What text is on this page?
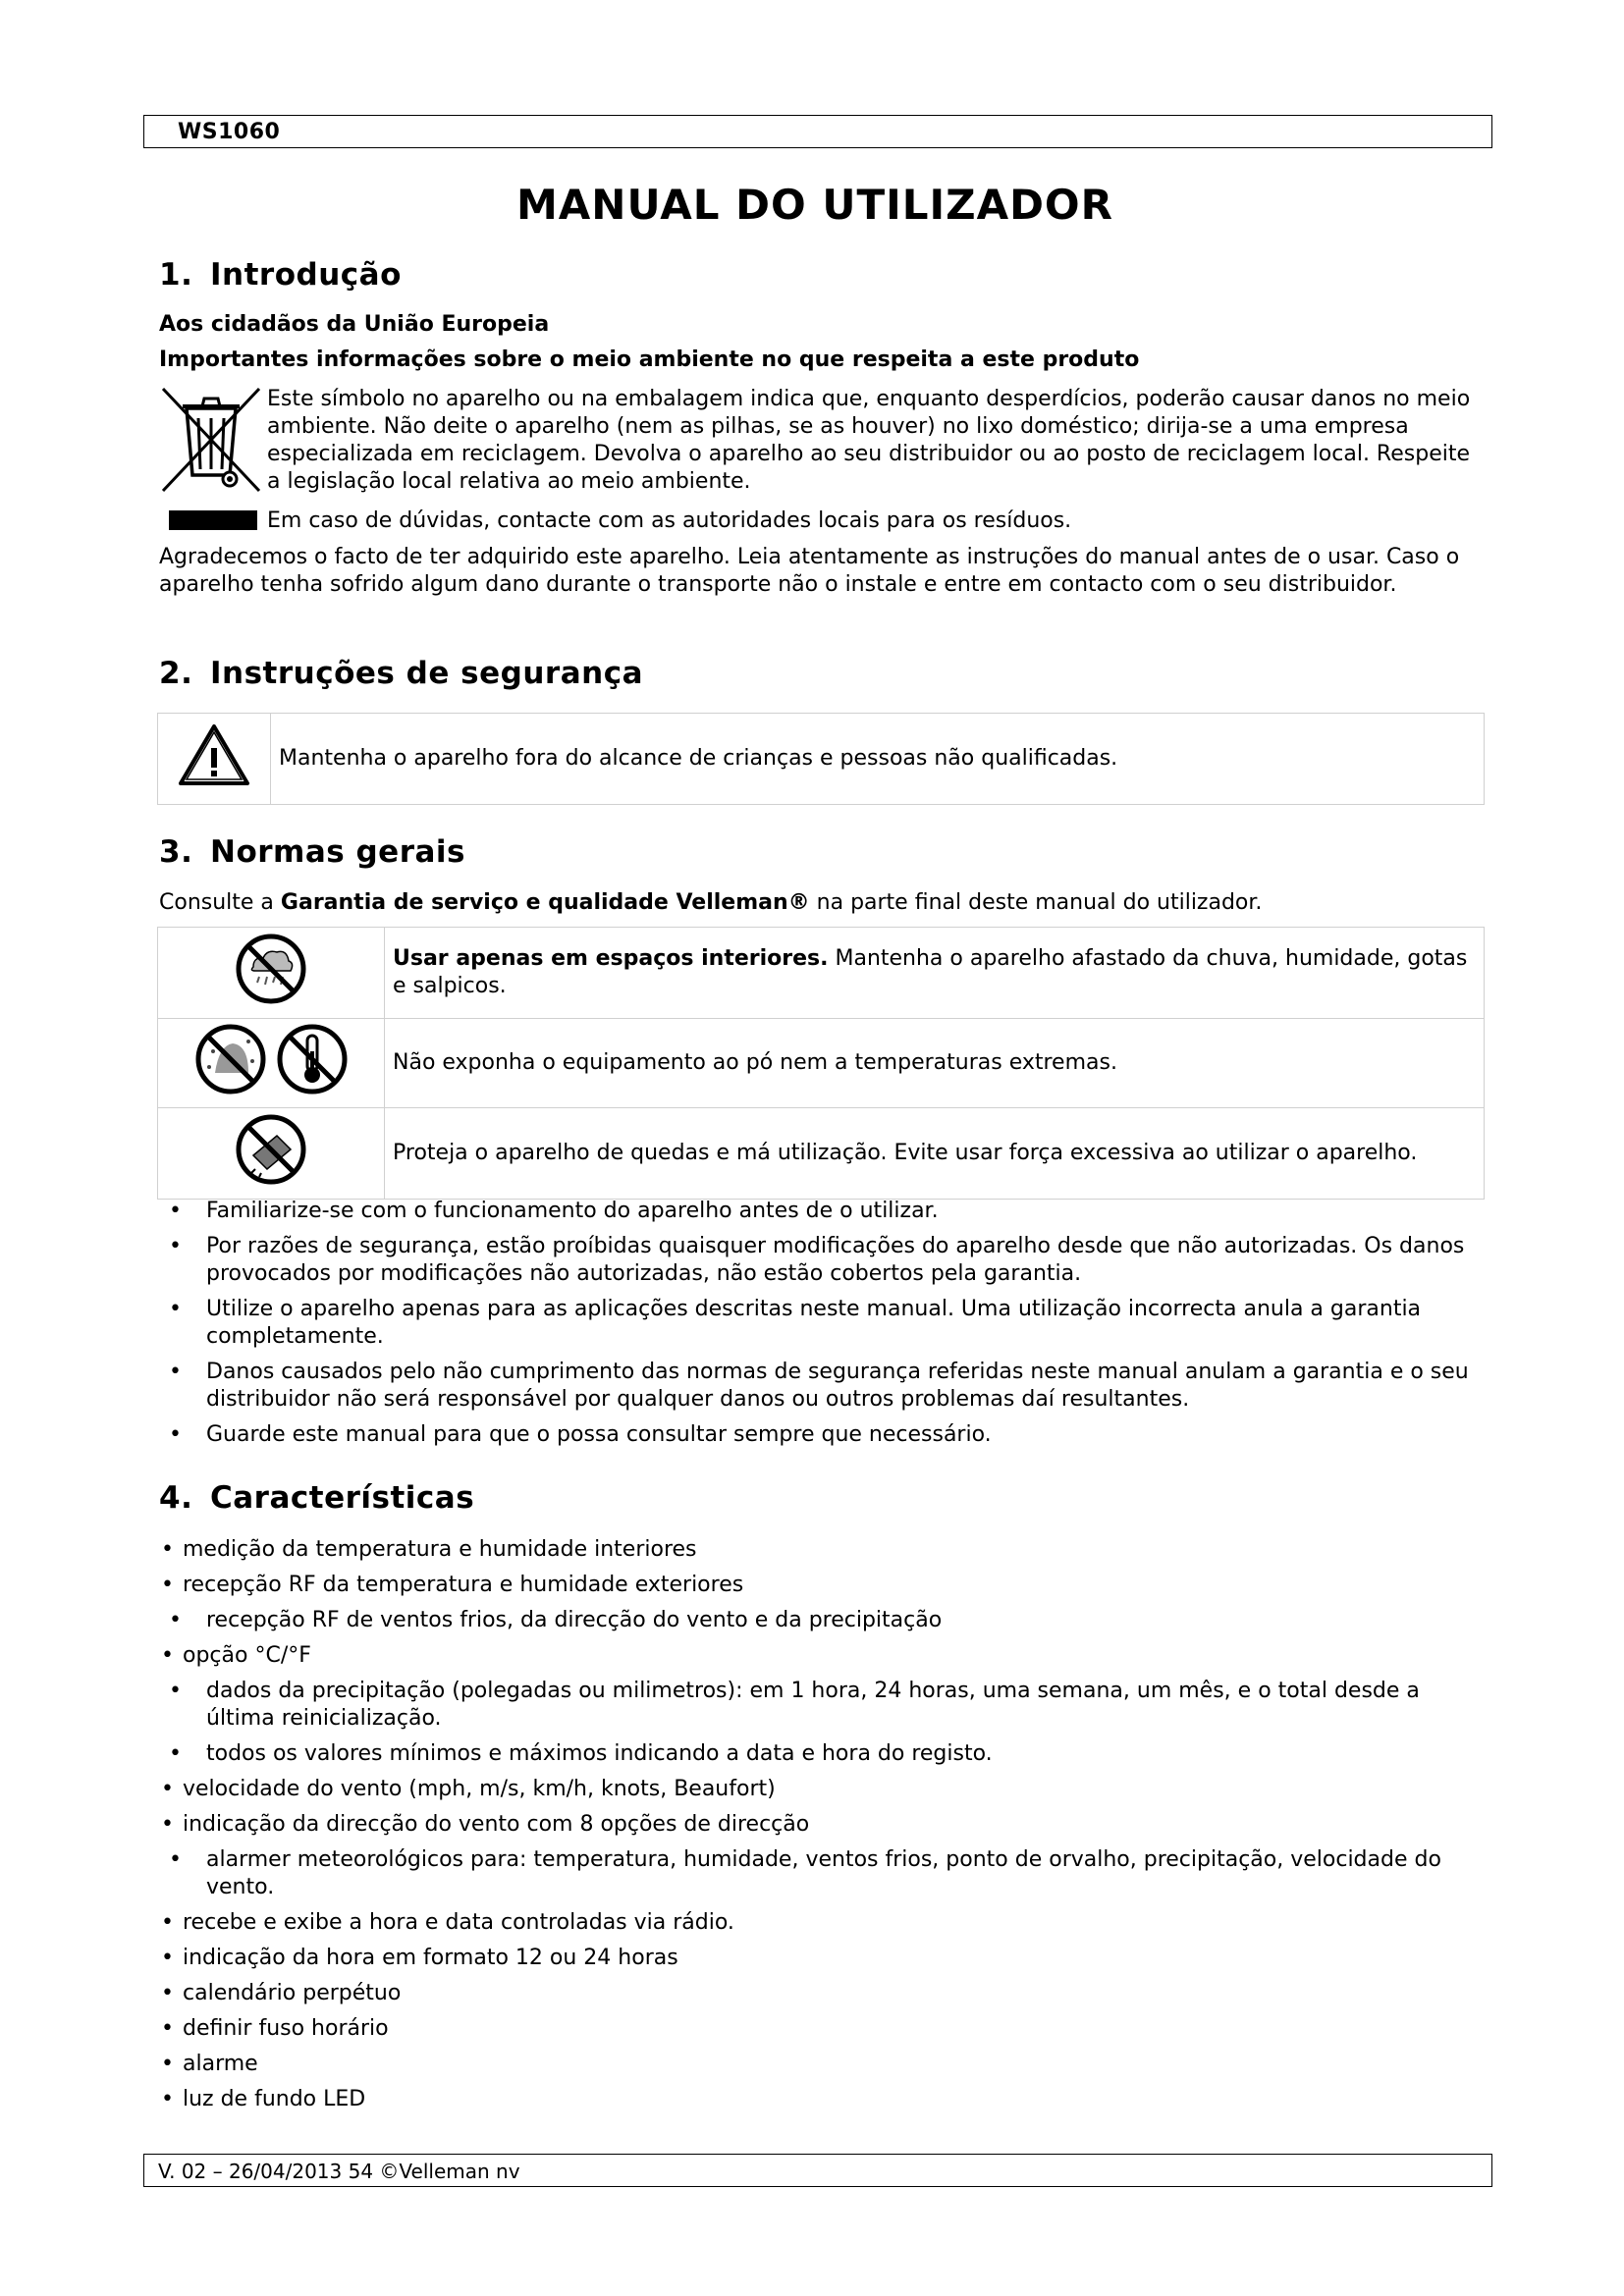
WS1060
MANUAL DO UTILIZADOR
1. Introdução
Aos cidadãos da União Europeia
Importantes informações sobre o meio ambiente no que respeita a este produto
Este símbolo no aparelho ou na embalagem indica que, enquanto desperdícios, poderão causar danos no meio ambiente. Não deite o aparelho (nem as pilhas, se as houver) no lixo doméstico; dirija-se a uma empresa especializada em reciclagem. Devolva o aparelho ao seu distribuidor ou ao posto de reciclagem local. Respeite a legislação local relativa ao meio ambiente.
Em caso de dúvidas, contacte com as autoridades locais para os resíduos.
Agradecemos o facto de ter adquirido este aparelho. Leia atentamente as instruções do manual antes de o usar. Caso o aparelho tenha sofrido algum dano durante o transporte não o instale e entre em contacto com o seu distribuidor.
2. Instruções de segurança
	Mantenha o aparelho fora do alcance de crianças e pessoas não qualificadas.
3. Normas gerais
Consulte a Garantia de serviço e qualidade Velleman® na parte final deste manual do utilizador.
	Usar apenas em espaços interiores. Mantenha o aparelho afastado da chuva, humidade, gotas e salpicos.
	Não exponha o equipamento ao pó nem a temperaturas extremas.
	Proteja o aparelho de quedas e má utilização. Evite usar força excessiva ao utilizar o aparelho.
• Familiarize-se com o funcionamento do aparelho antes de o utilizar.
• Por razões de segurança, estão proíbidas quaisquer modificações do aparelho desde que não autorizadas. Os danos provocados por modificações não autorizadas, não estão cobertos pela garantia.
• Utilize o aparelho apenas para as aplicações descritas neste manual. Uma utilização incorrecta anula a garantia completamente.
• Danos causados pelo não cumprimento das normas de segurança referidas neste manual anulam a garantia e o seu distribuidor não será responsável por qualquer danos ou outros problemas daí resultantes.
• Guarde este manual para que o possa consultar sempre que necessário.
4. Características
• medição da temperatura e humidade interiores
• recepção RF da temperatura e humidade exteriores
• recepção RF de ventos frios, da direcção do vento e da precipitação
• opção °C/°F
• dados da precipitação (polegadas ou milimetros): em 1 hora, 24 horas, uma semana, um mês, e o total desde a última reinicialização.
• todos os valores mínimos e máximos indicando a data e hora do registo.
• velocidade do vento (mph, m/s, km/h, knots, Beaufort)
• indicação da direcção do vento com 8 opções de direcção
• alarmer meteorológicos para: temperatura, humidade, ventos frios, ponto de orvalho, precipitação, velocidade do vento.
• recebe e exibe a hora e data controladas via rádio.
• indicação da hora em formato 12 ou 24 horas
• calendário perpétuo
• definir fuso horário
• alarme
• luz de fundo LED
V. 02 – 26/04/2013 54 ©Velleman nv
